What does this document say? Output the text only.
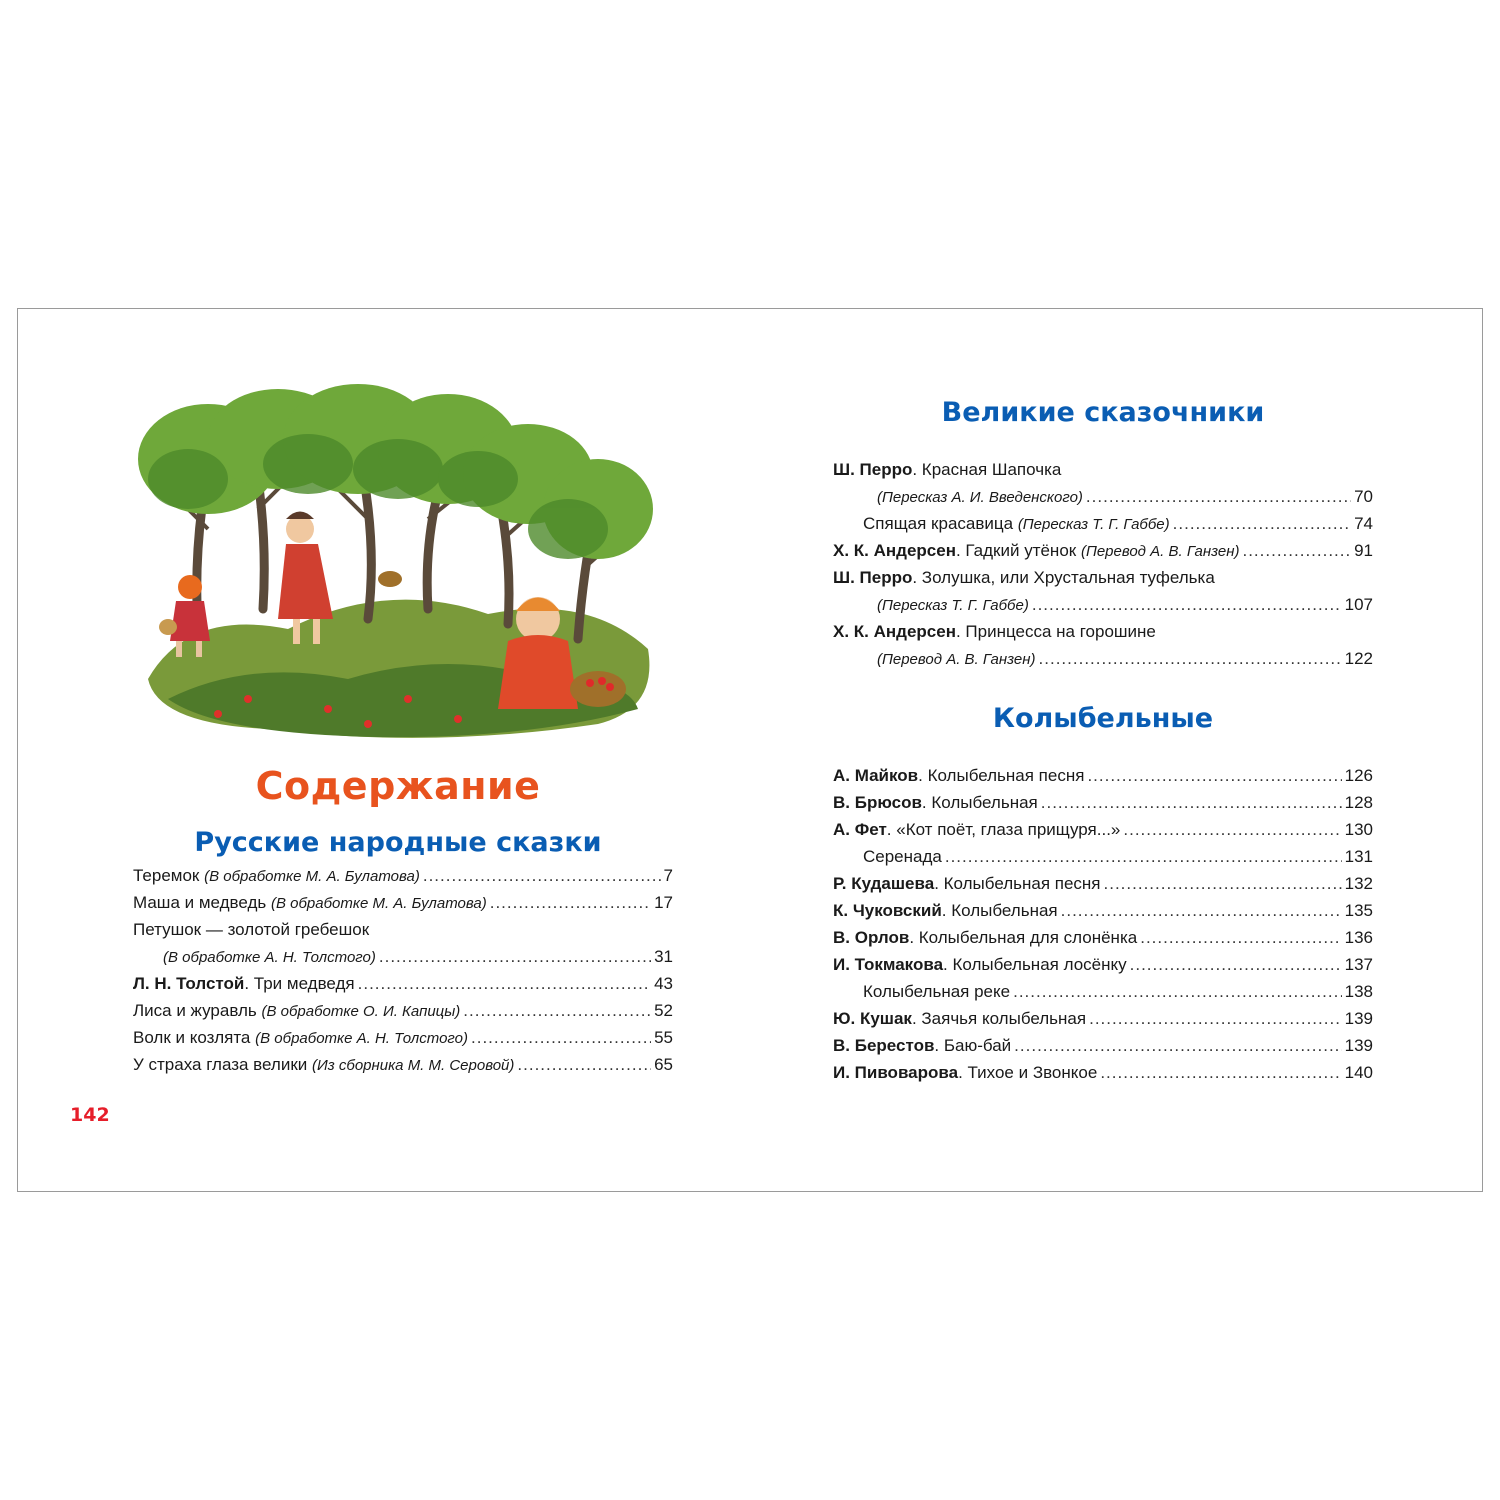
Содержание
Русские народные сказки
Теремок (В обработке М. А. Булатова) .....	7
Маша и медведь (В обработке М. А. Булатова) .....	17
Петушок — золотой гребешок
(В обработке А. Н. Толстого) .....	31
Л. Н. Толстой. Три медведя .....	43
Лиса и журавль (В обработке О. И. Капицы) .....	52
Волк и козлята (В обработке А. Н. Толстого) .....	55
У страха глаза велики (Из сборника М. М. Серовой) .....	65
142
Великие сказочники
Ш. Перро. Красная Шапочка
(Пересказ А. И. Введенского) .....	70
Спящая красавица (Пересказ Т. Г. Габбе) .....	74
Х. К. Андерсен. Гадкий утёнок (Перевод А. В. Ганзен) .....	91
Ш. Перро. Золушка, или Хрустальная туфелька
(Пересказ Т. Г. Габбе) .....	107
Х. К. Андерсен. Принцесса на горошине
(Перевод А. В. Ганзен) .....	122
Колыбельные
А. Майков. Колыбельная песня .....	126
В. Брюсов. Колыбельная .....	128
А. Фет. «Кот поёт, глаза прищуря...» .....	130
Серенада .....	131
Р. Кудашева. Колыбельная песня .....	132
К. Чуковский. Колыбельная .....	135
В. Орлов. Колыбельная для слонёнка .....	136
И. Токмакова. Колыбельная лосёнку .....	137
Колыбельная реке .....	138
Ю. Кушак. Заячья колыбельная .....	139
В. Берестов. Баю-бай .....	139
И. Пивоварова. Тихое и Звонкое .....	140
